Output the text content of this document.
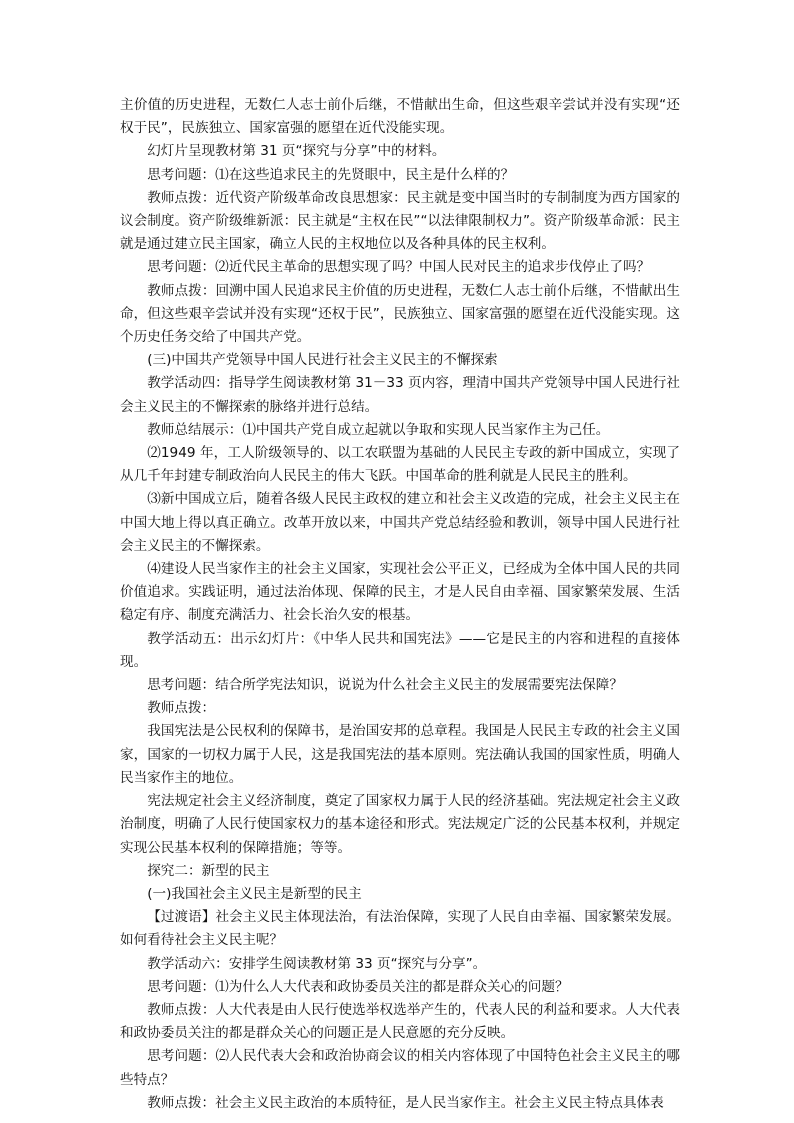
主价值的历史进程，无数仁人志士前仆后继，不惜献出生命，但这些艰辛尝试并没有实现“还权于民”，民族独立、国家富强的愿望在近代没能实现。

幻灯片呈现教材第 31 页“探究与分享”中的材料。

思考问题：⑴在这些追求民主的先贤眼中，民主是什么样的？

教师点拨：近代资产阶级革命改良思想家：民主就是变中国当时的专制制度为西方国家的议会制度。资产阶级维新派：民主就是“主权在民”“以法律限制权力”。资产阶级革命派：民主就是通过建立民主国家，确立人民的主权地位以及各种具体的民主权利。

思考问题：⑵近代民主革命的思想实现了吗？中国人民对民主的追求步伐停止了吗？

教师点拨：回溯中国人民追求民主价值的历史进程，无数仁人志士前仆后继，不惜献出生命，但这些艰辛尝试并没有实现“还权于民”，民族独立、国家富强的愿望在近代没能实现。这个历史任务交给了中国共产党。

(三)中国共产党领导中国人民进行社会主义民主的不懈探索

教学活动四：指导学生阅读教材第 31－33 页内容，理清中国共产党领导中国人民进行社会主义民主的不懈探索的脉络并进行总结。

教师总结展示：⑴中国共产党自成立起就以争取和实现人民当家作主为己任。

⑵1949 年，工人阶级领导的、以工农联盟为基础的人民民主专政的新中国成立，实现了从几千年封建专制政治向人民民主的伟大飞跃。中国革命的胜利就是人民民主的胜利。

⑶新中国成立后，随着各级人民民主政权的建立和社会主义改造的完成，社会主义民主在中国大地上得以真正确立。改革开放以来，中国共产党总结经验和教训，领导中国人民进行社会主义民主的不懈探索。

⑷建设人民当家作主的社会主义国家，实现社会公平正义，已经成为全体中国人民的共同价值追求。实践证明，通过法治体现、保障的民主，才是人民自由幸福、国家繁荣发展、生活稳定有序、制度充满活力、社会长治久安的根基。

教学活动五：出示幻灯片：《中华人民共和国宪法》——它是民主的内容和进程的直接体现。

思考问题：结合所学宪法知识，说说为什么社会主义民主的发展需要宪法保障？

教师点拨：

我国宪法是公民权利的保障书，是治国安邦的总章程。我国是人民民主专政的社会主义国家，国家的一切权力属于人民，这是我国宪法的基本原则。宪法确认我国的国家性质，明确人民当家作主的地位。

宪法规定社会主义经济制度，奠定了国家权力属于人民的经济基础。宪法规定社会主义政治制度，明确了人民行使国家权力的基本途径和形式。宪法规定广泛的公民基本权利，并规定实现公民基本权利的保障措施；等等。

探究二：新型的民主

(一)我国社会主义民主是新型的民主

【过渡语】社会主义民主体现法治，有法治保障，实现了人民自由幸福、国家繁荣发展。如何看待社会主义民主呢？

教学活动六：安排学生阅读教材第 33 页“探究与分享”。

思考问题：⑴为什么人大代表和政协委员关注的都是群众关心的问题？

教师点拨：人大代表是由人民行使选举权选举产生的，代表人民的利益和要求。人大代表和政协委员关注的都是群众关心的问题正是人民意愿的充分反映。

思考问题：⑵人民代表大会和政治协商会议的相关内容体现了中国特色社会主义民主的哪些特点？

教师点拨：社会主义民主政治的本质特征，是人民当家作主。社会主义民主特点具体表
